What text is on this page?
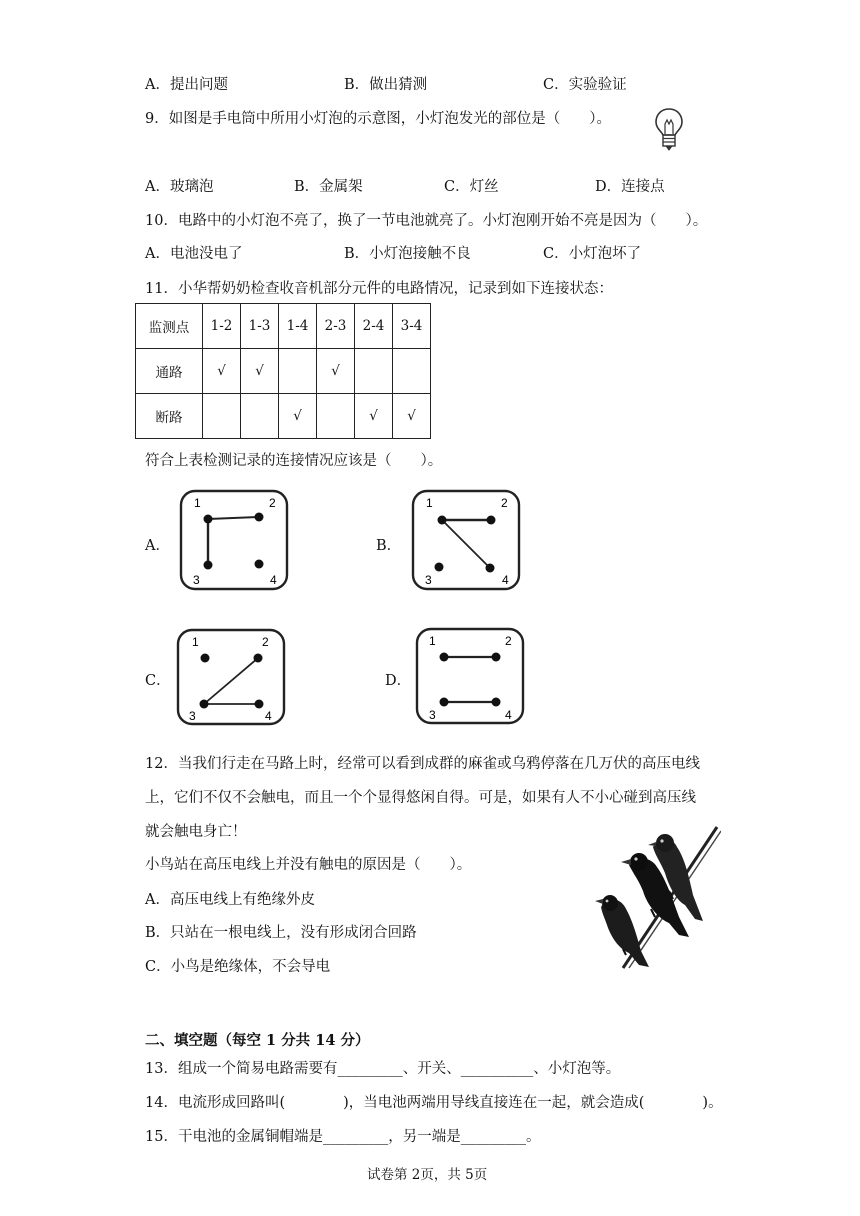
A．提出问题	B．做出猜测	C．实验验证
9．如图是手电筒中所用小灯泡的示意图，小灯泡发光的部位是（　　）。
A．玻璃泡	B．金属架	C．灯丝	D．连接点
10．电路中的小灯泡不亮了，换了一节电池就亮了。小灯泡刚开始不亮是因为（　　）。
A．电池没电了	B．小灯泡接触不良	C．小灯泡坏了
11．小华帮奶奶检查收音机部分元件的电路情况，记录到如下连接状态：
监测点	1-2	1-3	1-4	2-3	2-4	3-4
通路	√	√		√		
断路			√		√	√
符合上表检测记录的连接情况应该是（　　）。
A．	B．
C．	D．
1	2
3	4
1	2
3	4
1	2
3	4
1	2
3	4
12．当我们行走在马路上时，经常可以看到成群的麻雀或乌鸦停落在几万伏的高压电线
上，它们不仅不会触电，而且一个个显得悠闲自得。可是，如果有人不小心碰到高压线
就会触电身亡！
小鸟站在高压电线上并没有触电的原因是（　　）。
A．高压电线上有绝缘外皮
B．只站在一根电线上，没有形成闭合回路
C．小鸟是绝缘体，不会导电
二、填空题（每空 1 分共 14 分）
13．组成一个简易电路需要有_________、开关、__________、小灯泡等。
14．电流形成回路叫(　　　　)，当电池两端用导线直接连在一起，就会造成(　　　　)。
15．干电池的金属铜帽端是_________，另一端是_________。
试卷第 2页，共 5页
